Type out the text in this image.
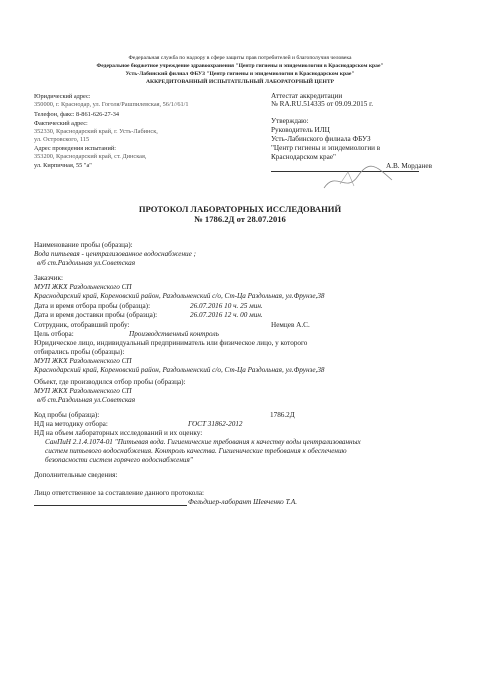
Федеральная служба по надзору в сфере защиты прав потребителей и благополучия человека
Федеральное бюджетное учреждение здравоохранения "Центр гигиены и эпидемиологии в Краснодарском крае"
Усть-Лабинский филиал ФБУЗ "Центр гигиены и эпидемиологии в Краснодарском крае"
АККРЕДИТОВАННЫЙ ИСПЫТАТЕЛЬНЫЙ ЛАБОРАТОРНЫЙ ЦЕНТР
Юридический адрес:
350000, г. Краснодар, ул. Гоголя/Рашпилевская, 56/1//61/1
Телефон, факс: 8-861-626-27-34
Фактический адрес:
352330, Краснодарский край, г. Усть-Лабинск,
ул. Островского, 115
Адрес проведения испытаний:
353200, Краснодарский край, ст. Динская,
ул. Кирпичная, 55 "а"
Аттестат аккредитации
№ RA.RU.514335 от 09.09.2015 г.
Утверждаю:
Руководитель ИЛЦ
Усть-Лабинского филиала ФБУЗ
"Центр гигиены и эпидемиологии в
Краснодарском крае"
А.В. Морданев
ПРОТОКОЛ ЛАБОРАТОРНЫХ ИССЛЕДОВАНИЙ
№ 1786.2Д от 28.07.2016
Наименование пробы (образца):
Вода питьевая - централизованное водоснабжение ;
в/б ст.Раздольная ул.Советская
Заказчик:
МУП ЖКХ Раздольненского СП
Краснодарский край, Кореновский район, Раздольненский с/о, Ст-Ца Раздольная, ул.Фрунзе,38
Дата и время отбора пробы (образца):	26.07.2016 10 ч. 25 мин.
Дата и время доставки пробы (образца):	26.07.2016 12 ч. 00 мин.
Сотрудник, отобравший пробу:	Немцев А.С.
Цель отбора:	Производственный контроль
Юридическое лицо, индивидуальный предприниматель или физическое лицо, у которого
отбирались пробы (образцы):
МУП ЖКХ Раздольненского СП
Краснодарский край, Кореновский район, Раздольненский с/о, Ст-Ца Раздольная, ул.Фрунзе,38
Объект, где производился отбор пробы (образца):
МУП ЖКХ Раздольненского СП
в/б ст.Раздольная ул.Советская
Код пробы (образца):	1786.2Д
НД на методику отбора:	ГОСТ 31862-2012
НД на объем лабораторных исследований и их оценку:
СанПиН 2.1.4.1074-01 "Питьевая вода. Гигиенические требования к качеству воды централизованных
систем питьевого водоснабжения. Контроль качества. Гигиенические требования к обеспечению
безопасности систем горячего водоснабжения"
Дополнительные сведения:
Лицо ответственное за составление данного протокола:
Фельдшер-лаборант Шевченко Т.А.
